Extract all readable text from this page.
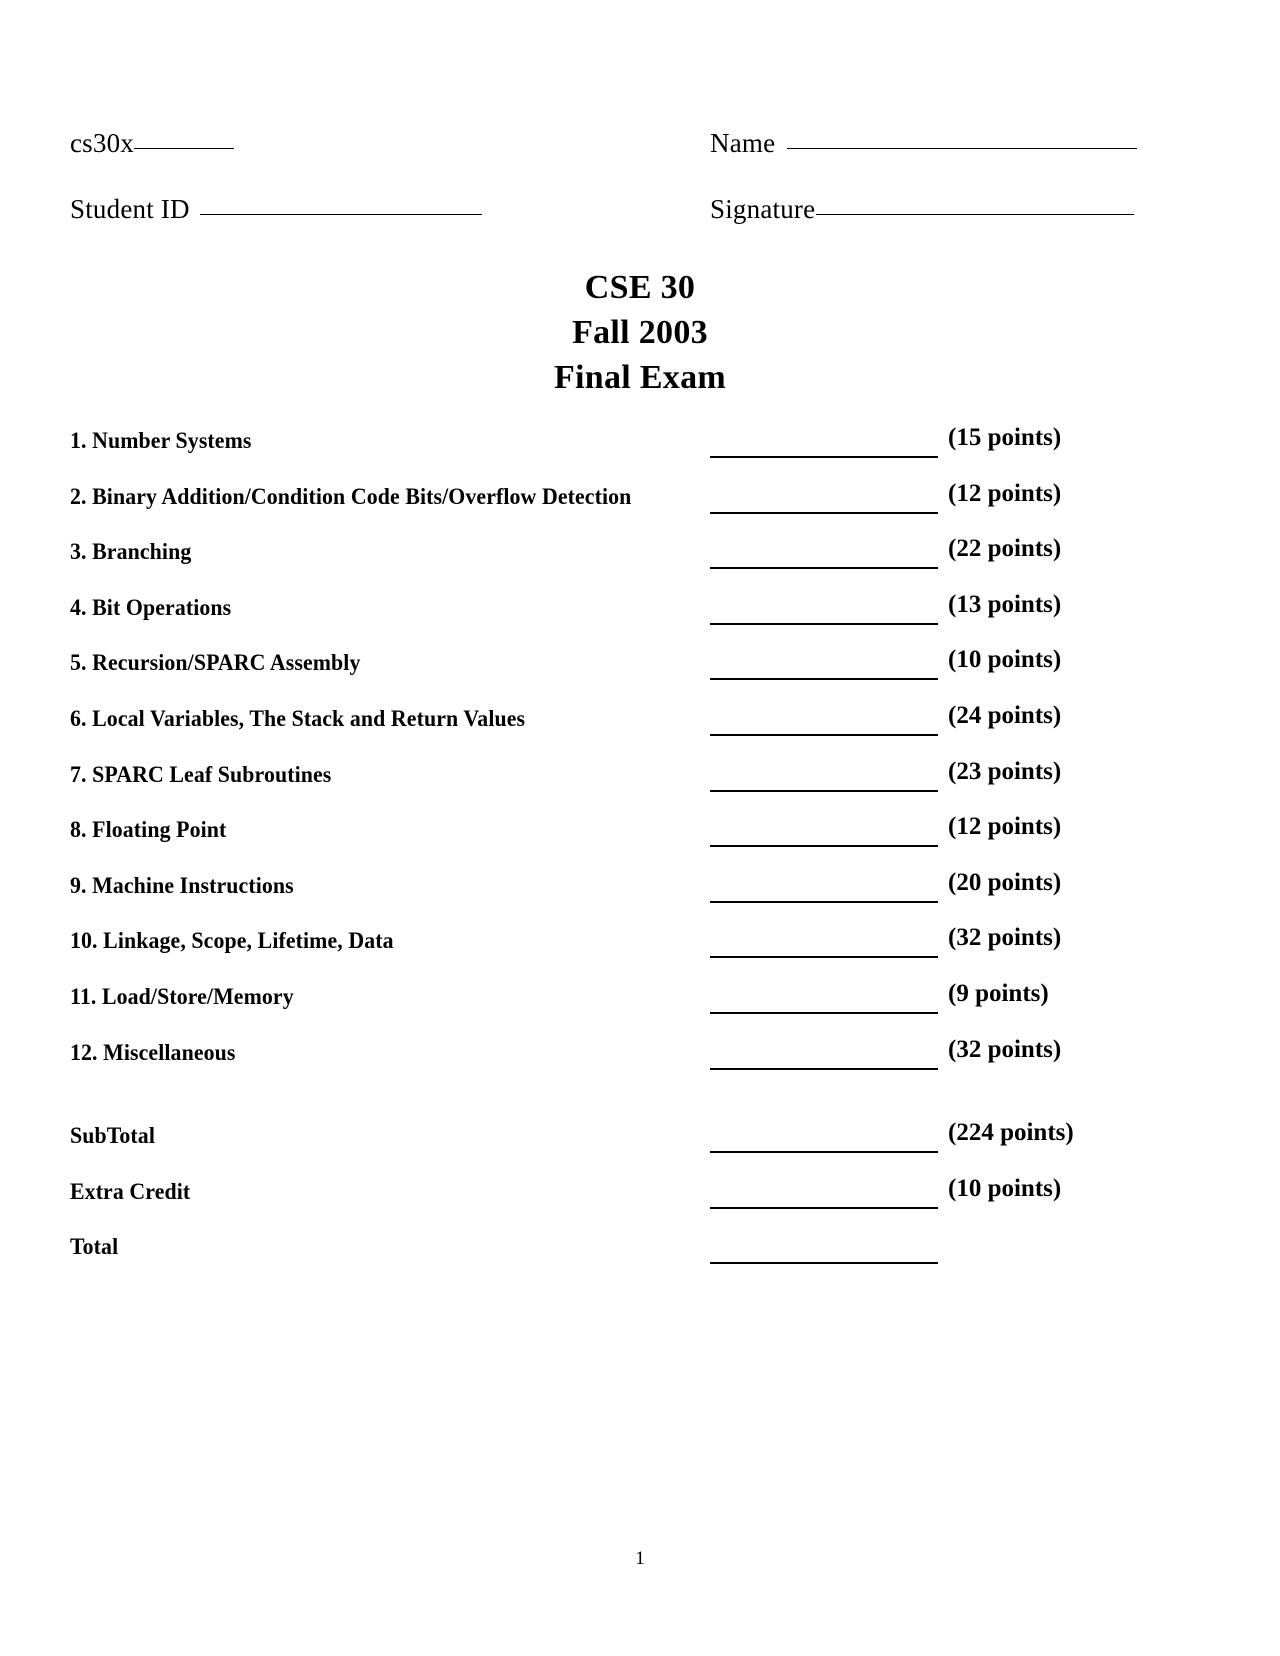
cs30x	Name
Student ID	Signature
CSE 30
Fall 2003
Final Exam
1. Number Systems	(15 points)
2. Binary Addition/Condition Code Bits/Overflow Detection	(12 points)
3. Branching	(22 points)
4. Bit Operations	(13 points)
5. Recursion/SPARC Assembly	(10 points)
6. Local Variables, The Stack and Return Values	(24 points)
7. SPARC Leaf Subroutines	(23 points)
8. Floating Point	(12 points)
9. Machine Instructions	(20 points)
10. Linkage, Scope, Lifetime, Data	(32 points)
11. Load/Store/Memory	(9 points)
12. Miscellaneous	(32 points)
SubTotal	(224 points)
Extra Credit	(10 points)
Total
1
